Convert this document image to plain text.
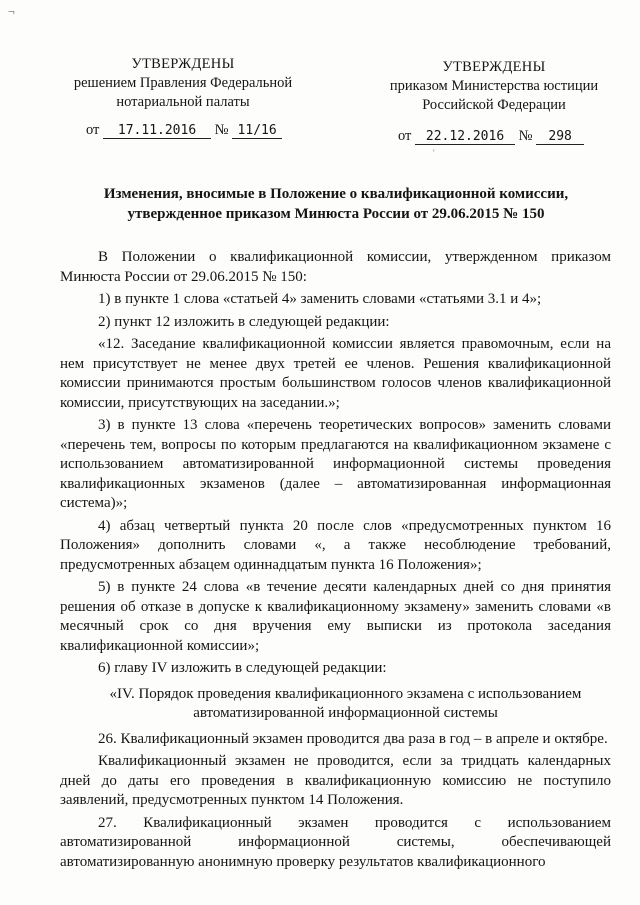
¬
УТВЕРЖДЕНЫ
решением Правления Федеральной
нотариальной палаты
от 17.11.2016 № 11/16
УТВЕРЖДЕНЫ
приказом Министерства юстиции
Российской Федерации
от 22.12.2016 № 298
'
Изменения, вносимые в Положение о квалификационной комиссии,
утвержденное приказом Минюста России от 29.06.2015 № 150

В Положении о квалификационной комиссии, утвержденном приказом Минюста России от 29.06.2015 № 150:

1) в пункте 1 слова «статьей 4» заменить словами «статьями 3.1 и 4»;

2) пункт 12 изложить в следующей редакции:

«12. Заседание квалификационной комиссии является правомочным, если на нем присутствует не менее двух третей ее членов. Решения квалификационной комиссии принимаются простым большинством голосов членов квалификационной комиссии, присутствующих на заседании.»;

3) в пункте 13 слова «перечень теоретических вопросов» заменить словами «перечень тем, вопросы по которым предлагаются на квалификационном экзамене с использованием автоматизированной информационной системы проведения квалификационных экзаменов (далее – автоматизированная информационная система)»;

4) абзац четвертый пункта 20 после слов «предусмотренных пунктом 16 Положения» дополнить словами «, а также несоблюдение требований, предусмотренных абзацем одиннадцатым пункта 16 Положения»;

5) в пункте 24 слова «в течение десяти календарных дней со дня принятия решения об отказе в допуске к квалификационному экзамену» заменить словами «в месячный срок со дня вручения ему выписки из протокола заседания квалификационной комиссии»;

6) главу IV изложить в следующей редакции:

«IV. Порядок проведения квалификационного экзамена с использованием автоматизированной информационной системы

26. Квалификационный экзамен проводится два раза в год – в апреле и октябре.

Квалификационный экзамен не проводится, если за тридцать календарных дней до даты его проведения в квалификационную комиссию не поступило заявлений, предусмотренных пунктом 14 Положения.

27. Квалификационный экзамен проводится с использованием автоматизированной информационной системы, обеспечивающей автоматизированную анонимную проверку результатов квалификационного
